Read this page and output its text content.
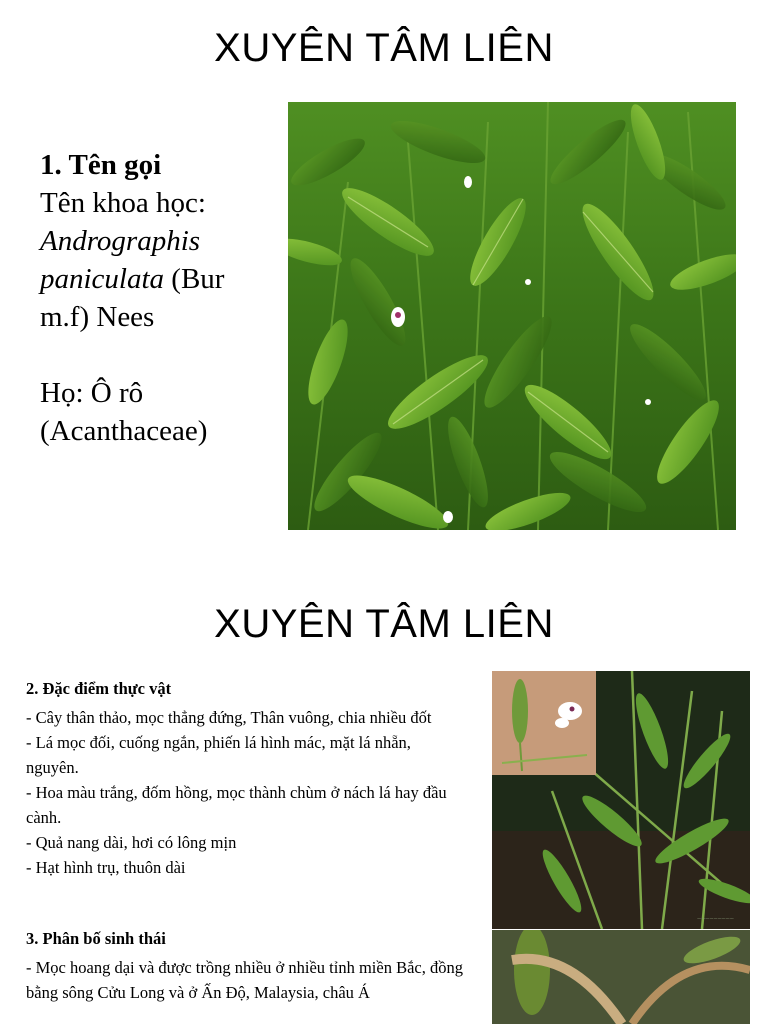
XUYÊN TÂM LIÊN
1. Tên gọi
Tên khoa học:
Andrographis paniculata (Bur m.f) Nees
Họ: Ô rô
(Acanthaceae)
XUYÊN TÂM LIÊN
2. Đặc điểm thực vật

- Cây thân thảo, mọc thẳng đứng, Thân vuông, chia nhiều đốt

- Lá mọc đối, cuống ngắn, phiến lá hình mác, mặt lá nhẵn, nguyên.

- Hoa màu trắng, đốm hồng, mọc thành chùm ở nách lá hay đầu cành.

- Quả nang dài, hơi có lông mịn

- Hạt hình trụ, thuôn dài

3. Phân bố sinh thái

- Mọc hoang dại và được trồng nhiều ở nhiều tỉnh miền Bắc, đồng bằng sông Cửu Long và ở Ấn Độ, Malaysia, châu Á

~~~~~~~~~
